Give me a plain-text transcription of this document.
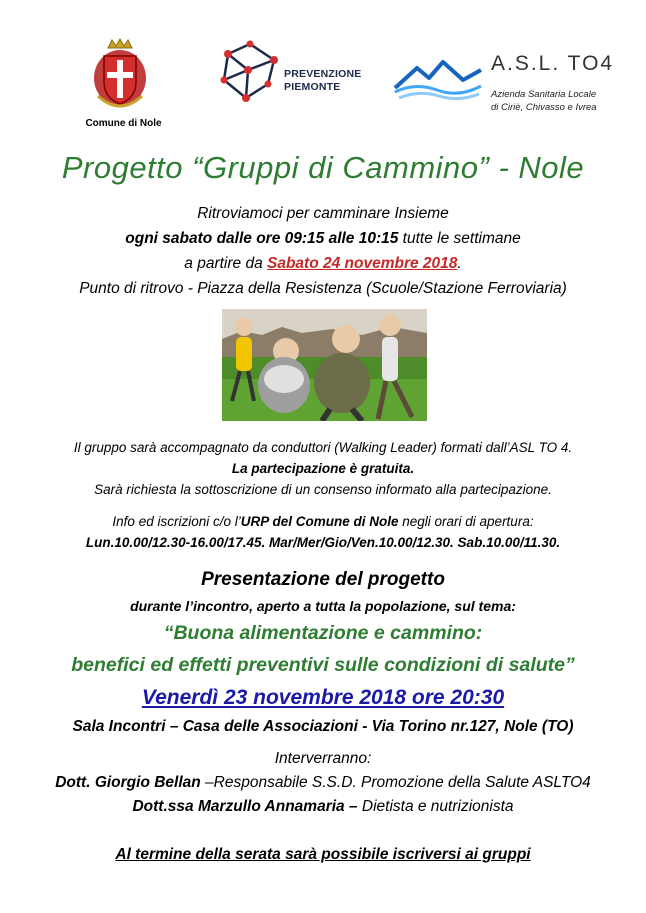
Comune di Nole
PREVENZIONE
PIEMONTE
A.S.L. TO4
Azienda Sanitaria Locale
di Ciriè, Chivasso e Ivrea
Progetto “Gruppi di Cammino” - Nole
Ritroviamoci per camminare Insieme
ogni sabato dalle ore 09:15 alle 10:15 tutte le settimane
a partire da Sabato 24 novembre 2018.
Punto di ritrovo - Piazza della Resistenza (Scuole/Stazione Ferroviaria)
Il gruppo sarà accompagnato da conduttori (Walking Leader) formati dall’ASL TO 4.
La partecipazione è gratuita.
Sarà richiesta la sottoscrizione di un consenso informato alla partecipazione.
Info ed iscrizioni c/o l’URP del Comune di Nole negli orari di apertura:
Lun.10.00/12.30-16.00/17.45. Mar/Mer/Gio/Ven.10.00/12.30. Sab.10.00/11.30.
Presentazione del progetto
durante l’incontro, aperto a tutta la popolazione, sul tema:
“Buona alimentazione e cammino:
benefici ed effetti preventivi sulle condizioni di salute”
Venerdì 23 novembre 2018 ore 20:30
Sala Incontri – Casa delle Associazioni - Via Torino nr.127, Nole (TO)
Interverranno:
Dott. Giorgio Bellan –Responsabile S.S.D. Promozione della Salute ASLTO4
Dott.ssa Marzullo Annamaria – Dietista e nutrizionista
Al termine della serata sarà possibile iscriversi ai gruppi
